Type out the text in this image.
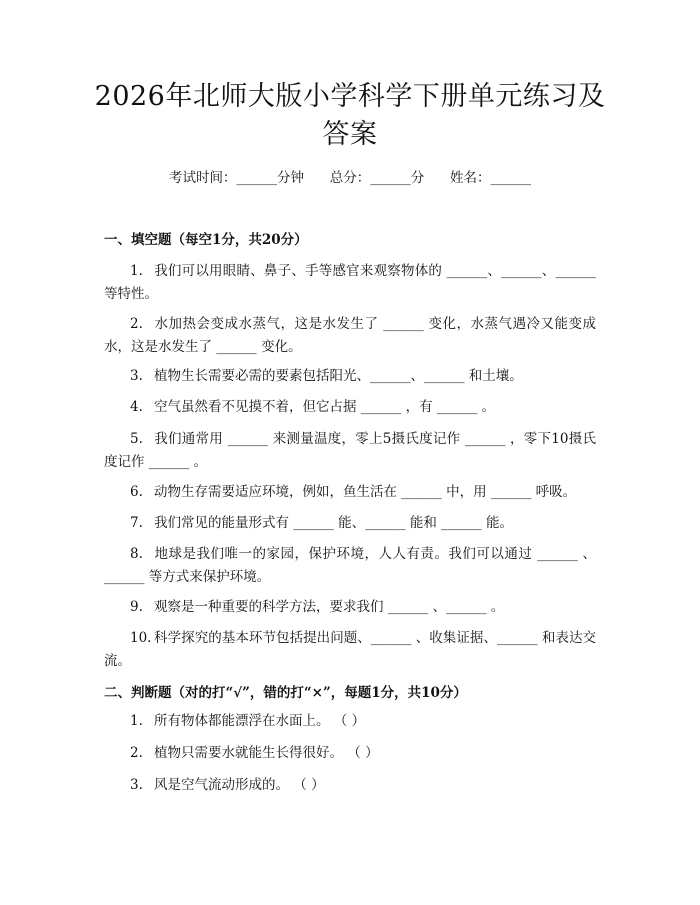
2026年北师大版小学科学下册单元练习及答案
考试时间：______分钟      总分：______分      姓名：______
一、填空题（每空1分，共20分）
1. 我们可以用眼睛、鼻子、手等感官来观察物体的 ______、______、______ 等特性。
2. 水加热会变成水蒸气，这是水发生了 ______ 变化，水蒸气遇冷又能变成水，这是水发生了 ______ 变化。
3. 植物生长需要必需的要素包括阳光、______、______ 和土壤。
4. 空气虽然看不见摸不着，但它占据 ______ ，有 ______ 。
5. 我们通常用 ______ 来测量温度，零上5摄氏度记作 ______ ，零下10摄氏度记作 ______ 。
6. 动物生存需要适应环境，例如，鱼生活在 ______ 中，用 ______ 呼吸。
7. 我们常见的能量形式有 ______ 能、______ 能和 ______ 能。
8. 地球是我们唯一的家园，保护环境，人人有责。我们可以通过 ______ 、______ 等方式来保护环境。
9. 观察是一种重要的科学方法，要求我们 ______ 、______ 。
10. 科学探究的基本环节包括提出问题、______ 、收集证据、______ 和表达交流。
二、判断题（对的打“√”，错的打“×”，每题1分，共10分）
1. 所有物体都能漂浮在水面上。 （ ）
2. 植物只需要水就能生长得很好。 （ ）
3. 风是空气流动形成的。 （ ）
